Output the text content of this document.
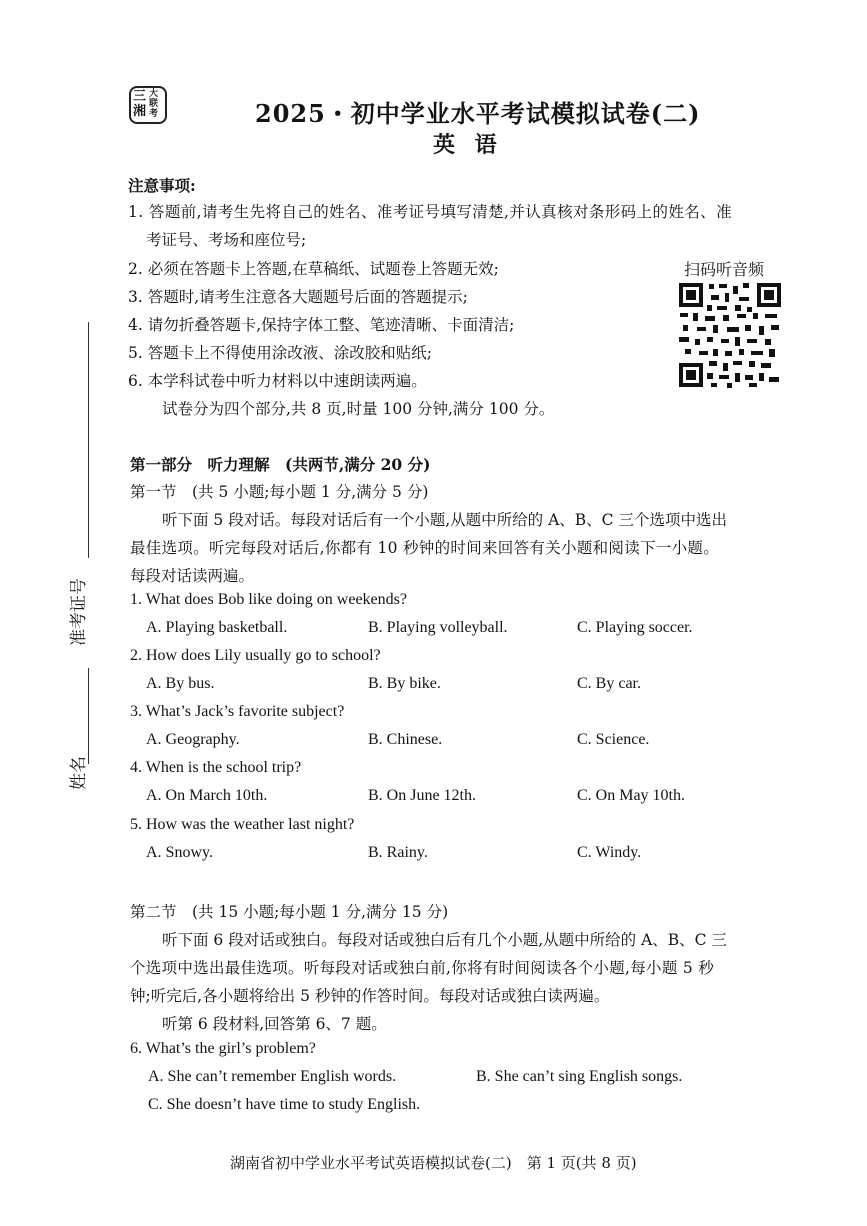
三
湘
大
联
考	2025・初中学业水平考试模拟试卷(二)
英 语
注意事项:
1. 答题前,请考生先将自己的姓名、准考证号填写清楚,并认真核对条形码上的姓名、准
考证号、考场和座位号;
2. 必须在答题卡上答题,在草稿纸、试题卷上答题无效;
3. 答题时,请考生注意各大题题号后面的答题提示;
4. 请勿折叠答题卡,保持字体工整、笔迹清晰、卡面清洁;
5. 答题卡上不得使用涂改液、涂改胶和贴纸;
6. 本学科试卷中听力材料以中速朗读两遍。
试卷分为四个部分,共 8 页,时量 100 分钟,满分 100 分。
扫码听音频
准考证号
姓名
第一部分　听力理解　(共两节,满分 20 分)
第一节　(共 5 小题;每小题 1 分,满分 5 分)
听下面 5 段对话。每段对话后有一个小题,从题中所给的 A、B、C 三个选项中选出
最佳选项。听完每段对话后,你都有 10 秒钟的时间来回答有关小题和阅读下一小题。
每段对话读两遍。
1. What does Bob like doing on weekends?
A. Playing basketball.	B. Playing volleyball.	C. Playing soccer.
2. How does Lily usually go to school?
A. By bus.	B. By bike.	C. By car.
3. What’s Jack’s favorite subject?
A. Geography.	B. Chinese.	C. Science.
4. When is the school trip?
A. On March 10th.	B. On June 12th.	C. On May 10th.
5. How was the weather last night?
A. Snowy.	B. Rainy.	C. Windy.
第二节　(共 15 小题;每小题 1 分,满分 15 分)
听下面 6 段对话或独白。每段对话或独白后有几个小题,从题中所给的 A、B、C 三
个选项中选出最佳选项。听每段对话或独白前,你将有时间阅读各个小题,每小题 5 秒
钟;听完后,各小题将给出 5 秒钟的作答时间。每段对话或独白读两遍。
听第 6 段材料,回答第 6、7 题。
6. What’s the girl’s problem?
A. She can’t remember English words.	B. She can’t sing English songs.
C. She doesn’t have time to study English.
湖南省初中学业水平考试英语模拟试卷(二)　第 1 页(共 8 页)
